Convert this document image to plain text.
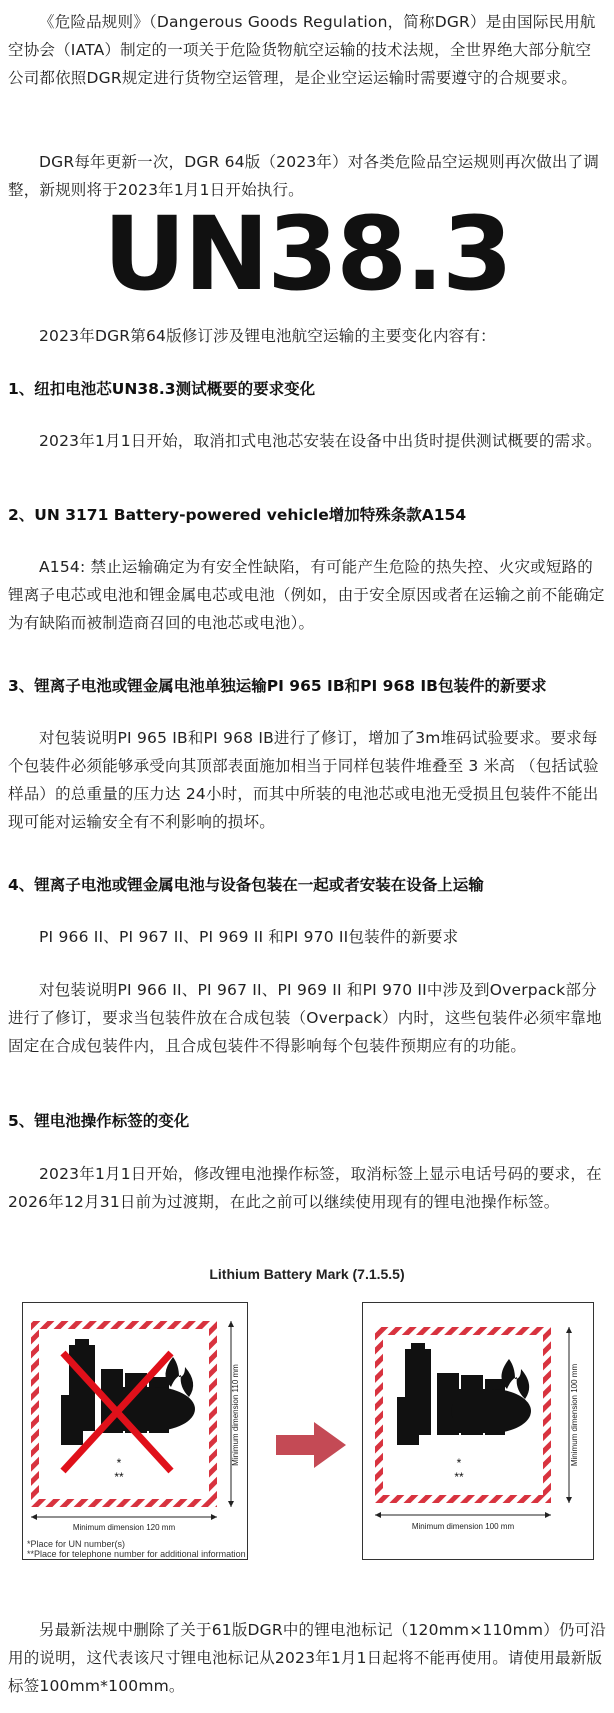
《危险品规则》（Dangerous Goods Regulation，简称DGR）是由国际民用航空协会（IATA）制定的一项关于危险货物航空运输的技术法规，全世界绝大部分航空公司都依照DGR规定进行货物空运管理，是企业空运运输时需要遵守的合规要求。

DGR每年更新一次，DGR 64版（2023年）对各类危险品空运规则再次做出了调整，新规则将于2023年1月1日开始执行。

UN38.3

2023年DGR第64版修订涉及锂电池航空运输的主要变化内容有：

1、纽扣电池芯UN38.3测试概要的要求变化

2023年1月1日开始，取消扣式电池芯安装在设备中出货时提供测试概要的需求。

2、UN 3171 Battery-powered vehicle增加特殊条款A154

A154: 禁止运输确定为有安全性缺陷，有可能产生危险的热失控、火灾或短路的锂离子电芯或电池和锂金属电芯或电池（例如，由于安全原因或者在运输之前不能确定为有缺陷而被制造商召回的电池芯或电池）。

3、锂离子电池或锂金属电池单独运输PI 965 IB和PI 968 IB包装件的新要求

对包装说明PI 965 IB和PI 968 IB进行了修订，增加了3m堆码试验要求。要求每个包装件必须能够承受向其顶部表面施加相当于同样包装件堆叠至 3 米高 （包括试验样品）的总重量的压力达 24小时，而其中所装的电池芯或电池无受损且包装件不能出现可能对运输安全有不利影响的损坏。

4、锂离子电池或锂金属电池与设备包装在一起或者安装在设备上运输

PI 966 II、PI 967 II、PI 969 II 和PI 970 II包装件的新要求

对包装说明PI 966 II、PI 967 II、PI 969 II 和PI 970 II中涉及到Overpack部分进行了修订，要求当包装件放在合成包装（Overpack）内时，这些包装件必须牢靠地固定在合成包装件内，且合成包装件不得影响每个包装件预期应有的功能。

5、锂电池操作标签的变化

2023年1月1日开始，修改锂电池操作标签，取消标签上显示电话号码的要求，在2026年12月31日前为过渡期，在此之前可以继续使用现有的锂电池操作标签。

Lithium Battery Mark (7.1.5.5)
*
**
Minimum dimension 110 mm
Minimum dimension 120 mm
*Place for UN number(s)
**Place for telephone number for additional information
*
**
Minimum dimension 100 mm
Minimum dimension 100 mm

另最新法规中删除了关于61版DGR中的锂电池标记（120mm×110mm）仍可沿用的说明，这代表该尺寸锂电池标记从2023年1月1日起将不能再使用。请使用最新版标签100mm*100mm。
